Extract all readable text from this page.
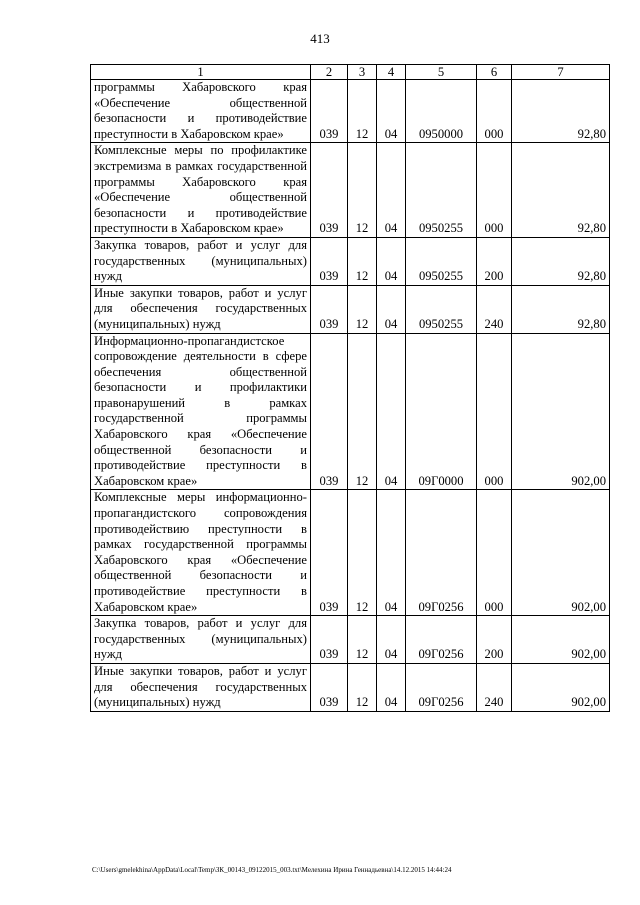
413
1	2	3	4	5	6	7
программы Хабаровского края «Обеспечение общественной безопасности и противодействие преступности в Хабаровском крае»	039	12	04	0950000	000	92,80
Комплексные меры по профилактике экстремизма в рамках государственной программы Хабаровского края «Обеспечение общественной безопасности и противодействие преступности в Хабаровском крае»	039	12	04	0950255	000	92,80
Закупка товаров, работ и услуг для государственных (муниципальных) нужд	039	12	04	0950255	200	92,80
Иные закупки товаров, работ и услуг для обеспечения государственных (муниципальных) нужд	039	12	04	0950255	240	92,80
Информационно-пропагандистское сопровождение деятельности в сфере обеспечения общественной безопасности и профилактики правонарушений в рамках государственной программы Хабаровского края «Обеспечение общественной безопасности и противодействие преступности в Хабаровском крае»	039	12	04	09Г0000	000	902,00
Комплексные меры информационно-пропагандистского сопровождения противодействию преступности в рамках государственной программы Хабаровского края «Обеспечение общественной безопасности и противодействие преступности в Хабаровском крае»	039	12	04	09Г0256	000	902,00
Закупка товаров, работ и услуг для государственных (муниципальных) нужд	039	12	04	09Г0256	200	902,00
Иные закупки товаров, работ и услуг для обеспечения государственных (муниципальных) нужд	039	12	04	09Г0256	240	902,00
C:\Users\gmelekhina\AppData\Local\Temp\ЗК_00143_09122015_003.txt\Мелехина Ирина Геннадьевна\14.12.2015 14:44:24
